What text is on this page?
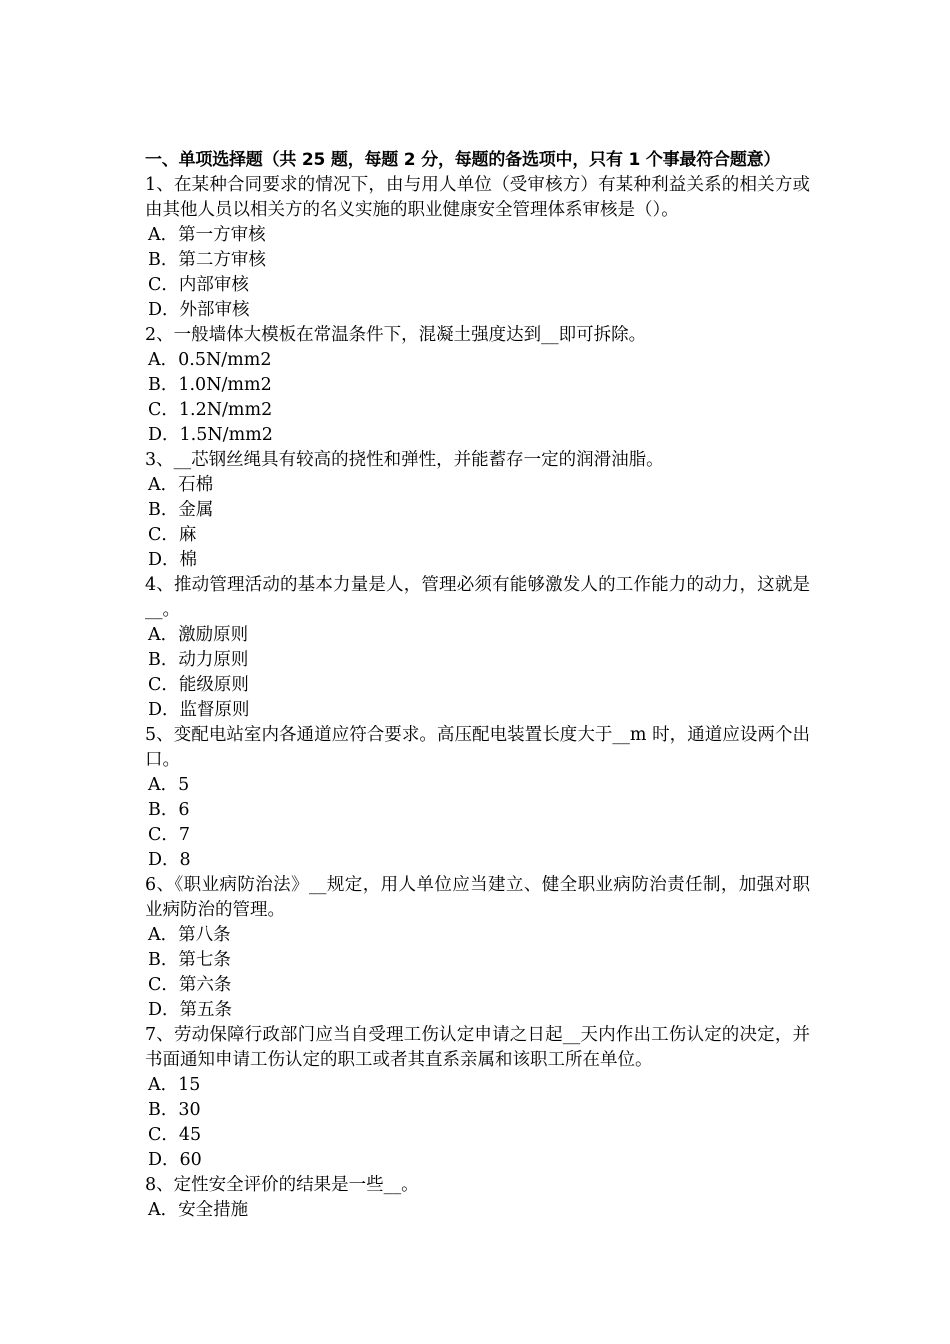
一、单项选择题（共 25 题，每题 2 分，每题的备选项中，只有 1 个事最符合题意）
1、在某种合同要求的情况下，由与用人单位（受审核方）有某种利益关系的相关方或由其他人员以相关方的名义实施的职业健康安全管理体系审核是（）。
A．第一方审核
B．第二方审核
C．内部审核
D．外部审核
2、一般墙体大模板在常温条件下，混凝土强度达到__即可拆除。
A．0.5N/mm2
B．1.0N/mm2
C．1.2N/mm2
D．1.5N/mm2
3、__芯钢丝绳具有较高的挠性和弹性，并能蓄存一定的润滑油脂。
A．石棉
B．金属
C．麻
D．棉
4、推动管理活动的基本力量是人，管理必须有能够激发人的工作能力的动力，这就是__。
A．激励原则
B．动力原则
C．能级原则
D．监督原则
5、变配电站室内各通道应符合要求。高压配电装置长度大于__m 时，通道应设两个出口。
A．5
B．6
C．7
D．8
6、《职业病防治法》__规定，用人单位应当建立、健全职业病防治责任制，加强对职业病防治的管理。
A．第八条
B．第七条
C．第六条
D．第五条
7、劳动保障行政部门应当自受理工伤认定申请之日起__天内作出工伤认定的决定，并书面通知申请工伤认定的职工或者其直系亲属和该职工所在单位。
A．15
B．30
C．45
D．60
8、定性安全评价的结果是一些__。
A．安全措施
